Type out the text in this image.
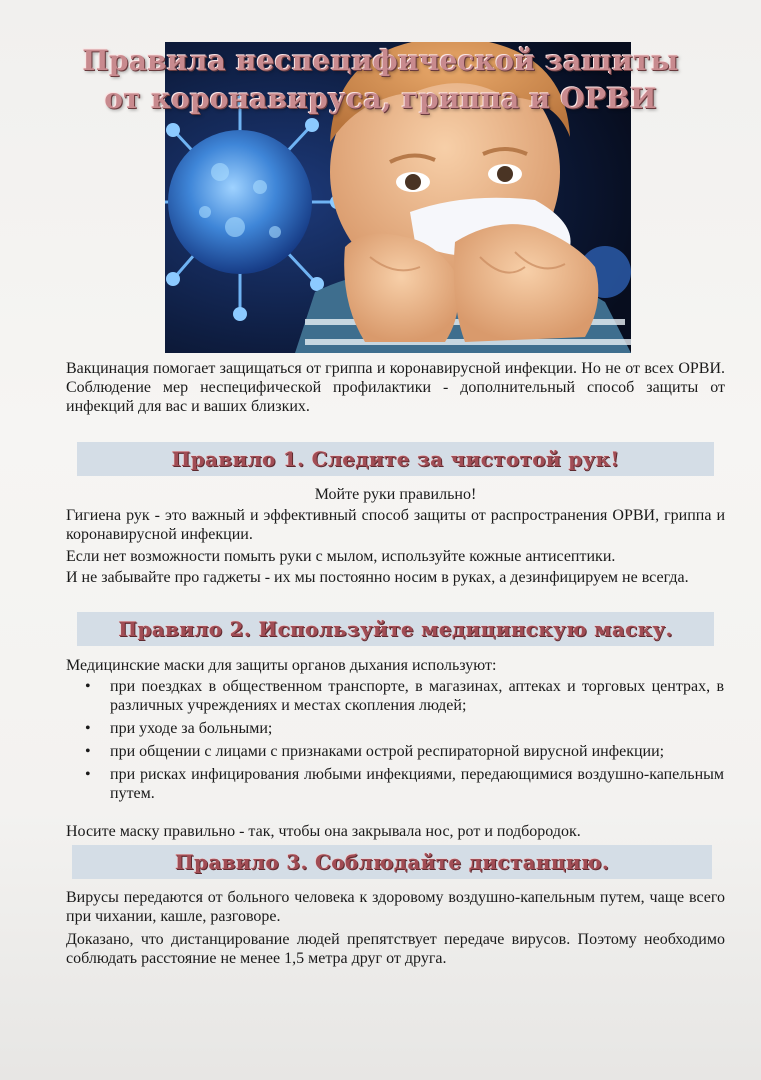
Правила неспецифической защиты от коронавируса, гриппа и ОРВИ

Вакцинация помогает защищаться от гриппа и коронавирусной инфекции. Но не от всех ОРВИ. Соблюдение мер неспецифической профилактики - дополнительный способ защиты от инфекций для вас и ваших близких.

Правило 1. Следите за чистотой рук!

Мойте руки правильно!

Гигиена рук - это важный и эффективный способ защиты от распространения ОРВИ, гриппа и коронавирусной инфекции.

Если нет возможности помыть руки с мылом, используйте кожные антисептики.

И не забывайте про гаджеты - их мы постоянно носим в руках, а дезинфицируем не всегда.

Правило 2. Используйте медицинскую маску.

Медицинские маски для защиты органов дыхания используют:

• при поездках в общественном транспорте, в магазинах, аптеках и торговых центрах, в различных учреждениях и местах скопления людей;
• при уходе за больными;
• при общении с лицами с признаками острой респираторной вирусной инфекции;
• при рисках инфицирования любыми инфекциями, передающимися воздушно-капельным путем.

Носите маску правильно - так, чтобы она закрывала нос, рот и подбородок.

Правило 3. Соблюдайте дистанцию.

Вирусы передаются от больного человека к здоровому воздушно-капельным путем, чаще всего при чихании, кашле, разговоре.

Доказано, что дистанцирование людей препятствует передаче вирусов. Поэтому необходимо соблюдать расстояние не менее 1,5 метра друг от друга.
